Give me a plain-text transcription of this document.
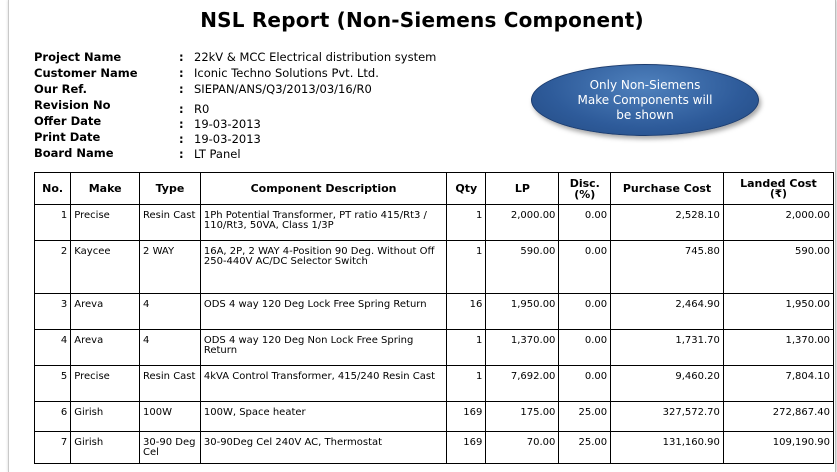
NSL Report (Non-Siemens Component)
Project Name	: 22kV & MCC Electrical distribution system
Customer Name	: Iconic Techno Solutions Pvt. Ltd.
Our Ref.	: SIEPAN/ANS/Q3/2013/03/16/R0
Revision No	: R0
Offer Date	: 19-03-2013
Print Date	: 19-03-2013
Board Name	: LT Panel
Only Non-Siemens Make Components will be shown
No.	Make	Type	Component Description	Qty	LP	Disc. (%)	Purchase Cost	Landed Cost
(₹)

1	Precise	Resin Cast	1Ph Potential Transformer, PT ratio 415/Rt3 / 110/Rt3, 50VA, Class 1/3P	1	2,000.00	0.00	2,528.10	2,000.00
2	Kaycee	2 WAY	16A, 2P, 2 WAY 4-Position 90 Deg. Without Off 250-440V AC/DC Selector Switch	1	590.00	0.00	745.80	590.00
3	Areva	4	ODS 4 way 120 Deg Lock Free Spring Return	16	1,950.00	0.00	2,464.90	1,950.00
4	Areva	4	ODS 4 way 120 Deg Non Lock Free Spring Return	1	1,370.00	0.00	1,731.70	1,370.00
5	Precise	Resin Cast	4kVA Control Transformer, 415/240 Resin Cast	1	7,692.00	0.00	9,460.20	7,804.10
6	Girish	100W	100W, Space heater	169	175.00	25.00	327,572.70	272,867.40
7	Girish	30-90 Deg Cel	30-90Deg Cel 240V AC, Thermostat	169	70.00	25.00	131,160.90	109,190.90
